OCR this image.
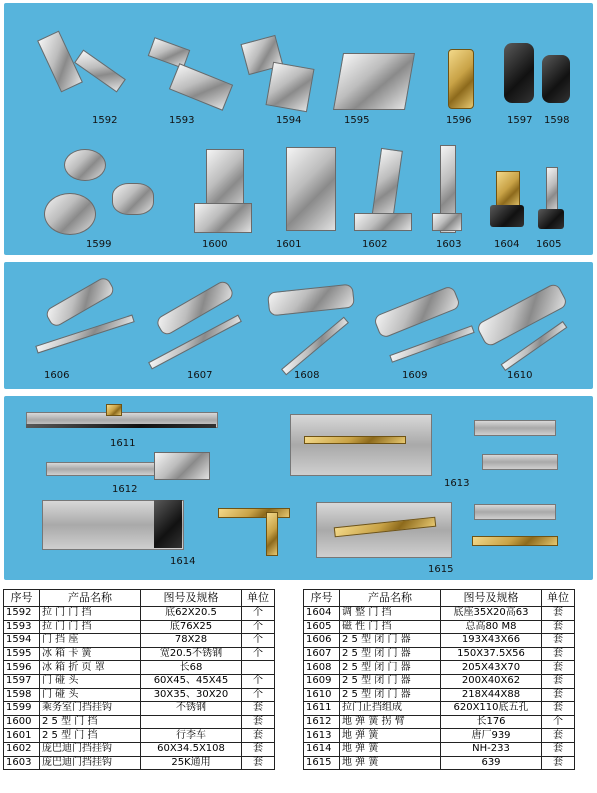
1592	1593	1594	1595	1596	1597 1598
1599	1600	1601	1602	1603	1604 1605
1606	1607	1608	1609	1610
1611
1612
1613
1614
1615
序号	产品名称	图号及规格	单位
1592	拉 门 门 挡	底62X20.5	个
1593	拉 门 门 挡	底76X25	个
1594	门 挡 座	78X28	个
1595	冰 箱 卡 簧	宽20.5不锈钢	个
1596	冰 箱 折 页 罩	长68	
1597	门 碰 头	60X45、45X45	个
1598	门 碰 头	30X35、30X20	个
1599	乘务室门挡挂钩	不锈钢	套
1600	2 5 型 门 挡		套
1601	2 5 型 门 挡	行李车	套
1602	庞巴迪门挡挂钩	60X34.5X108	套
1603	庞巴迪门挡挂钩	25K通用	套
序号	产品名称	图号及规格	单位
1604	调 整 门 挡	底座35X20高63	套
1605	磁 性 门 挡	总高80 M8	套
1606	2 5 型 闭 门 器	193X43X66	套
1607	2 5 型 闭 门 器	150X37.5X56	套
1608	2 5 型 闭 门 器	205X43X70	套
1609	2 5 型 闭 门 器	200X40X62	套
1610	2 5 型 闭 门 器	218X44X88	套
1611	拉门止挡组成	620X110底五孔	套
1612	地 弹 簧 拐 臂	长176	个
1613	地 弹 簧	唐厂939	套
1614	地 弹 簧	NH-233	套
1615	地 弹 簧	639	套
